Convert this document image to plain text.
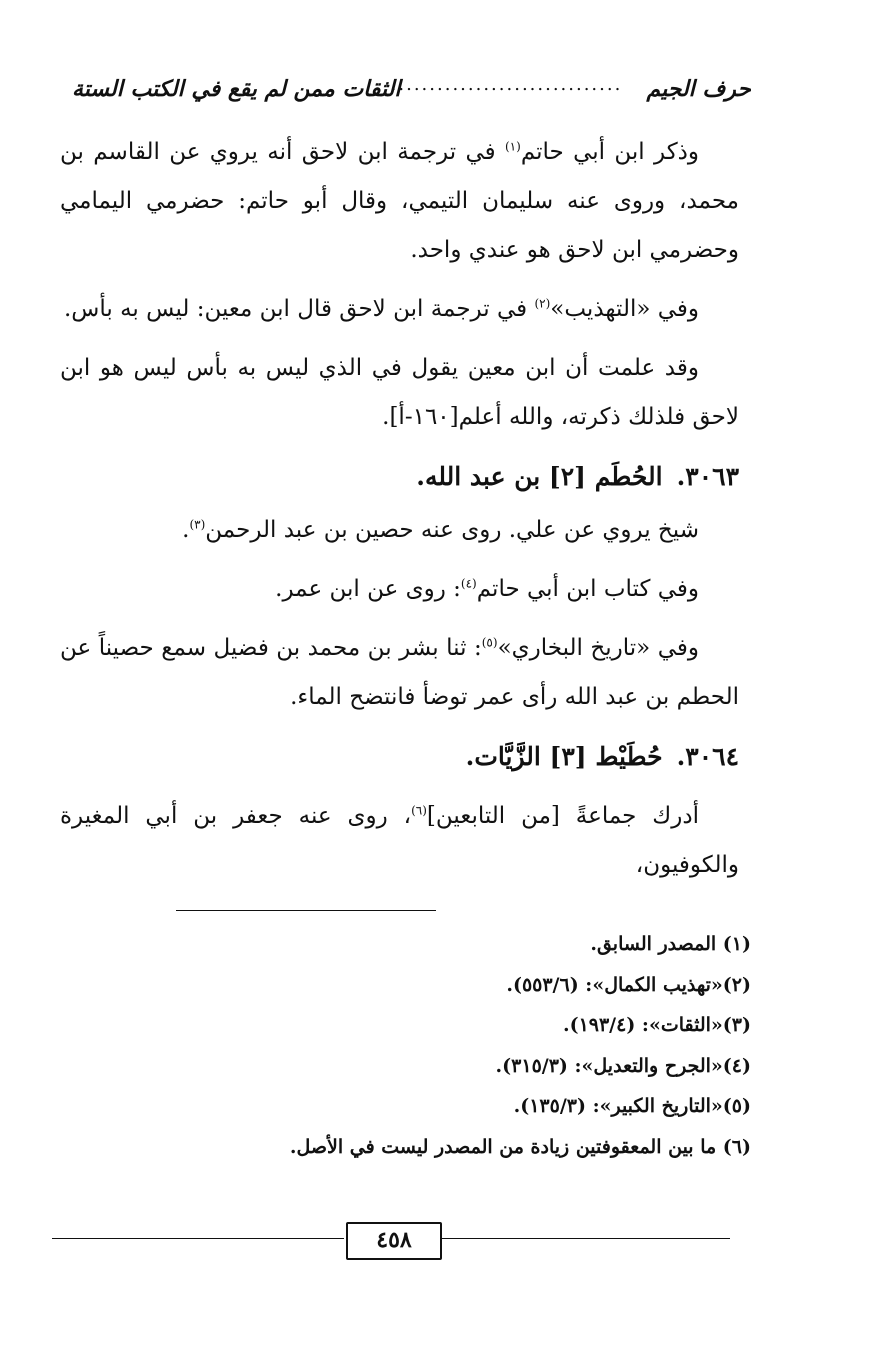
حرف الجيم
..............................
الثقات ممن لم يقع في الكتب الستة

وذكر ابن أبي حاتم$^{(١)}$ في ترجمة ابن لاحق أنه يروي عن القاسم بن محمد، وروى عنه سليمان التيمي، وقال أبو حاتم: حضرمي اليمامي وحضرمي ابن لاحق هو عندي واحد.

وفي «التهذيب»$^{(٢)}$ في ترجمة ابن لاحق قال ابن معين: ليس به بأس.

وقد علمت أن ابن معين يقول في الذي ليس به بأس ليس هو ابن لاحق فلذلك ذكرته، والله أعلم[١٦٠-أ].

٣٠٦٣.الحُطَم [٢] بن عبد الله.

شيخ يروي عن علي. روى عنه حصين بن عبد الرحمن$^{(٣)}$.

وفي كتاب ابن أبي حاتم$^{(٤)}$: روى عن ابن عمر.

وفي «تاريخ البخاري»$^{(٥)}$: ثنا بشر بن محمد بن فضيل سمع حصيناً عن الحطم بن عبد الله رأى عمر توضأ فانتضح الماء.

٣٠٦٤.حُطَيْط [٣] الزَّيَّات.

أدرك جماعةً [من التابعين]$^{(٦)}$، روى عنه جعفر بن أبي المغيرة والكوفيون،

(١) المصدر السابق.

(٢)«تهذيب الكمال»: (٥٥٣/٦).

(٣)«الثقات»: (١٩٣/٤).

(٤)«الجرح والتعديل»: (٣١٥/٣).

(٥)«التاريخ الكبير»: (١٣٥/٣).

(٦) ما بين المعقوفتين زيادة من المصدر ليست في الأصل.

٤٥٨
